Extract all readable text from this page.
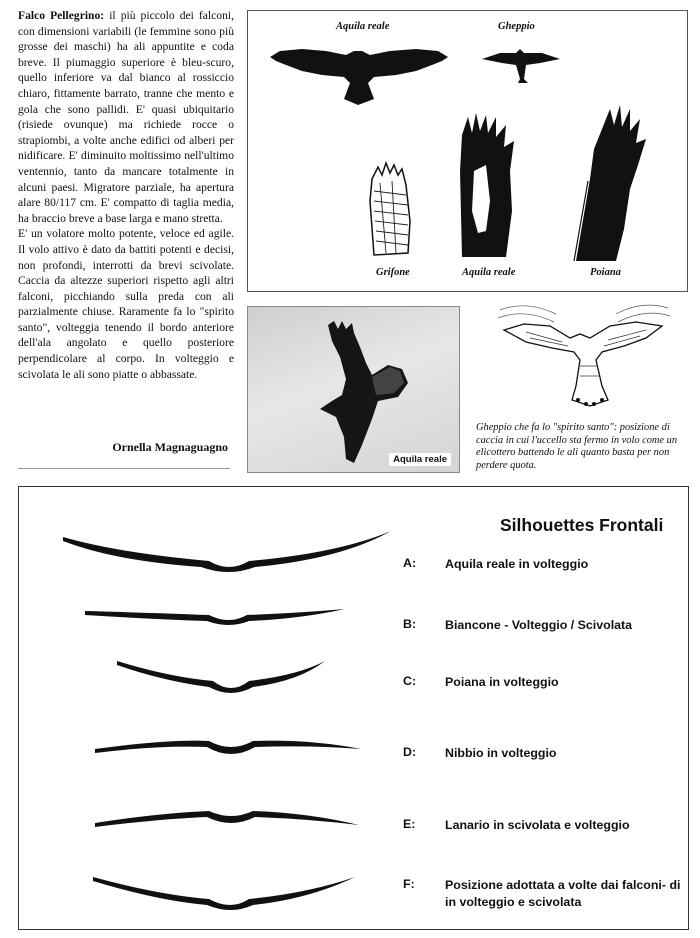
Falco Pellegrino: il più piccolo dei falconi, con dimensioni variabili (le femmine sono più grosse dei maschi) ha ali appuntite e coda breve. Il piumaggio superiore è bleu-scuro, quello inferiore va dal bianco al rossiccio chiaro, fittamente barrato, tranne che mento e gola che sono pallidi. E' quasi ubiquitario (risiede ovunque) ma richiede rocce o strapiombi, a volte anche edifici od alberi per nidificare. E' diminuito moltissimo nell'ultimo ventennio, tanto da mancare totalmente in alcuni paesi. Migratore parziale, ha apertura alare 80/117 cm. E' compatto di taglia media, ha braccio breve a base larga e mano stretta.

E' un volatore molto potente, veloce ed agile. Il volo attivo è dato da battiti potenti e decisi, non profondi, interrotti da brevi scivolate. Caccia da altezze superiori rispetto agli altri falconi, picchiando sulla preda con ali parzialmente chiuse. Raramente fa lo "spirito santo", volteggia tenendo il bordo anteriore dell'ala angolato e quello posteriore perpendicolare al corpo. In volteggio e scivolata le ali sono piatte o abbassate.

Ornella Magnaguagno
Aquila reale	Gheppio
Grifone	Aquila reale	Poiana
Aquila reale
Gheppio che fa lo "spirito santo": posizione di caccia in cui l'uccello sta fermo in volo come un elicottero battendo le ali quanto basta per non perdere quota.
Silhouettes Frontali
A: Aquila reale in volteggio
B: Biancone - Volteggio / Scivolata
C: Poiana in volteggio
D: Nibbio in volteggio
E: Lanario in scivolata e volteggio
F: Posizione adottata a volte dai falconi- di in volteggio e scivolata
